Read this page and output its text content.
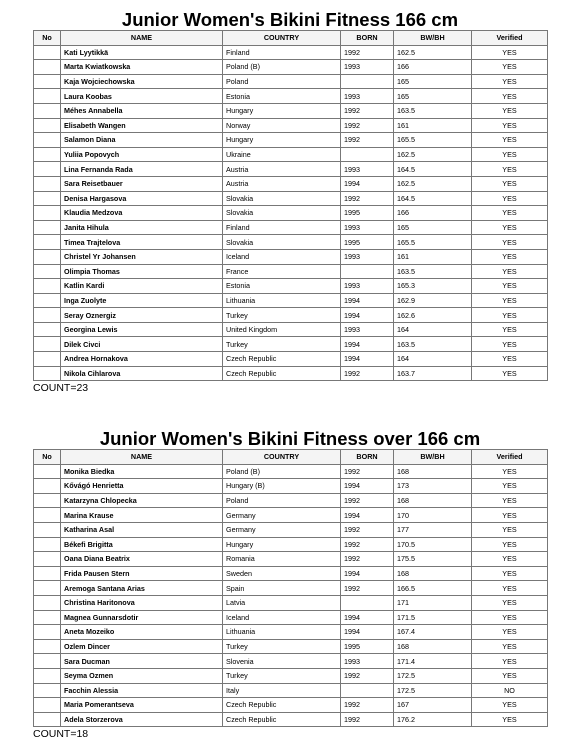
Junior Women's Bikini Fitness 166 cm
No	NAME	COUNTRY	BORN	BW/BH	Verified
	Kati Lyytikkä	Finland	1992	162.5	YES
	Marta Kwiatkowska	Poland (B)	1993	166	YES
	Kaja Wojciechowska	Poland		165	YES
	Laura Koobas	Estonia	1993	165	YES
	Méhes Annabella	Hungary	1992	163.5	YES
	Elisabeth Wangen	Norway	1992	161	YES
	Salamon Diana	Hungary	1992	165.5	YES
	Yuliia Popovych	Ukraine		162.5	YES
	Lina Fernanda Rada	Austria	1993	164.5	YES
	Sara Reisetbauer	Austria	1994	162.5	YES
	Denisa Hargasova	Slovakia	1992	164.5	YES
	Klaudia Medzova	Slovakia	1995	166	YES
	Janita Hihula	Finland	1993	165	YES
	Timea Trajtelova	Slovakia	1995	165.5	YES
	Christel Yr Johansen	Iceland	1993	161	YES
	Olimpia Thomas	France		163.5	YES
	Katlin Kardi	Estonia	1993	165.3	YES
	Inga Zuolyte	Lithuania	1994	162.9	YES
	Seray Oznergiz	Turkey	1994	162.6	YES
	Georgina Lewis	United Kingdom	1993	164	YES
	Dilek Civci	Turkey	1994	163.5	YES
	Andrea Hornakova	Czech Republic	1994	164	YES
	Nikola Cihlarova	Czech Republic	1992	163.7	YES
COUNT=23
Junior Women's Bikini Fitness over 166 cm
No	NAME	COUNTRY	BORN	BW/BH	Verified
	Monika Biedka	Poland (B)	1992	168	YES
	Kővágó Henrietta	Hungary (B)	1994	173	YES
	Katarzyna Chlopecka	Poland	1992	168	YES
	Marina Krause	Germany	1994	170	YES
	Katharina Asal	Germany	1992	177	YES
	Békefi Brigitta	Hungary	1992	170.5	YES
	Oana Diana Beatrix	Romania	1992	175.5	YES
	Frida Pausen Stern	Sweden	1994	168	YES
	Aremoga Santana Arias	Spain	1992	166.5	YES
	Christina Haritonova	Latvia		171	YES
	Magnea Gunnarsdotir	Iceland	1994	171.5	YES
	Aneta Mozeiko	Lithuania	1994	167.4	YES
	Ozlem Dincer	Turkey	1995	168	YES
	Sara Ducman	Slovenia	1993	171.4	YES
	Seyma Ozmen	Turkey	1992	172.5	YES
	Facchin Alessia	Italy		172.5	NO
	Maria Pomerantseva	Czech Republic	1992	167	YES
	Adela Storzerova	Czech Republic	1992	176.2	YES
COUNT=18
